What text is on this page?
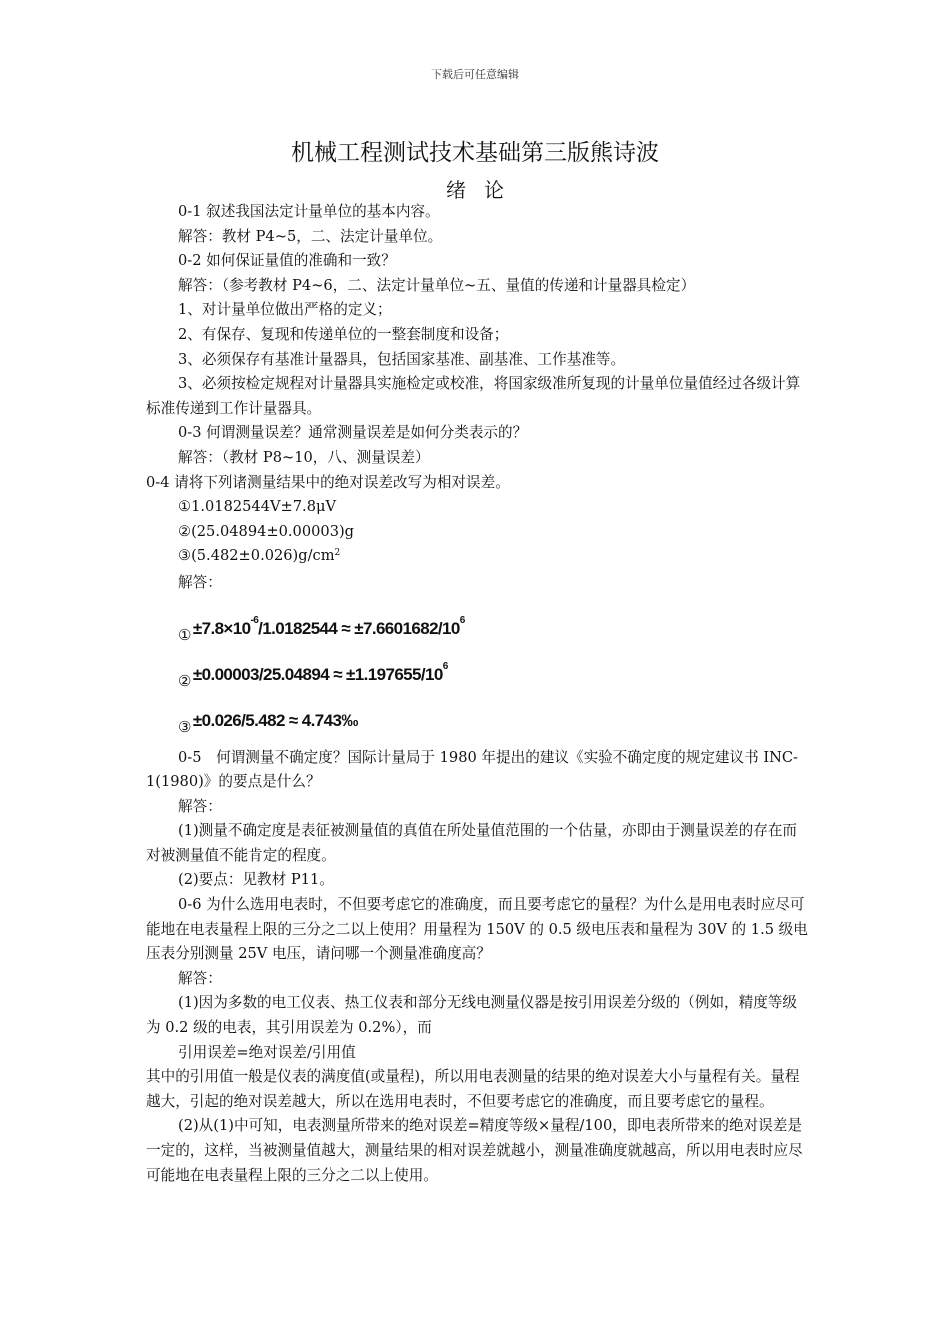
下载后可任意编辑
机械工程测试技术基础第三版熊诗波
绪论

0-1 叙述我国法定计量单位的基本内容。

解答：教材 P4~5，二、法定计量单位。

0-2 如何保证量值的准确和一致？

解答：（参考教材 P4~6，二、法定计量单位~五、量值的传递和计量器具检定）

1、对计量单位做出严格的定义；

2、有保存、复现和传递单位的一整套制度和设备；

3、必须保存有基准计量器具，包括国家基准、副基准、工作基准等。

3、必须按检定规程对计量器具实施检定或校准，将国家级准所复现的计量单位量值经过各级计算标准传递到工作计量器具。

0-3 何谓测量误差？通常测量误差是如何分类表示的？

解答：（教材 P8~10，八、测量误差）

0-4 请将下列诸测量结果中的绝对误差改写为相对误差。

①1.0182544V±7.8μV

②(25.04894±0.00003)g

$③(5.482\pm 0.026)g/cm^2$

解答：

① ±7.8×10 -6 /1.0182544 ≈ ±7.6601682/10 6
② ±0.00003/25.04894 ≈ ±1.197655/10 6
③ ±0.026/5.482 ≈ 4.743‰

0-5　何谓测量不确定度？国际计量局于 1980 年提出的建议《实验不确定度的规定建议书 INC-1(1980)》的要点是什么？

解答：

(1)测量不确定度是表征被测量值的真值在所处量值范围的一个估量，亦即由于测量误差的存在而对被测量值不能肯定的程度。

(2)要点：见教材 P11。

0-6 为什么选用电表时，不但要考虑它的准确度，而且要考虑它的量程？为什么是用电表时应尽可能地在电表量程上限的三分之二以上使用？用量程为 150V 的 0.5 级电压表和量程为 30V 的 1.5 级电压表分别测量 25V 电压，请问哪一个测量准确度高？

解答：

(1)因为多数的电工仪表、热工仪表和部分无线电测量仪器是按引用误差分级的（例如，精度等级为 0.2 级的电表，其引用误差为 0.2%），而

引用误差=绝对误差/引用值

其中的引用值一般是仪表的满度值(或量程)，所以用电表测量的结果的绝对误差大小与量程有关。量程越大，引起的绝对误差越大，所以在选用电表时，不但要考虑它的准确度，而且要考虑它的量程。

(2)从(1)中可知，电表测量所带来的绝对误差=精度等级×量程/100，即电表所带来的绝对误差是一定的，这样，当被测量值越大，测量结果的相对误差就越小，测量准确度就越高，所以用电表时应尽可能地在电表量程上限的三分之二以上使用。
